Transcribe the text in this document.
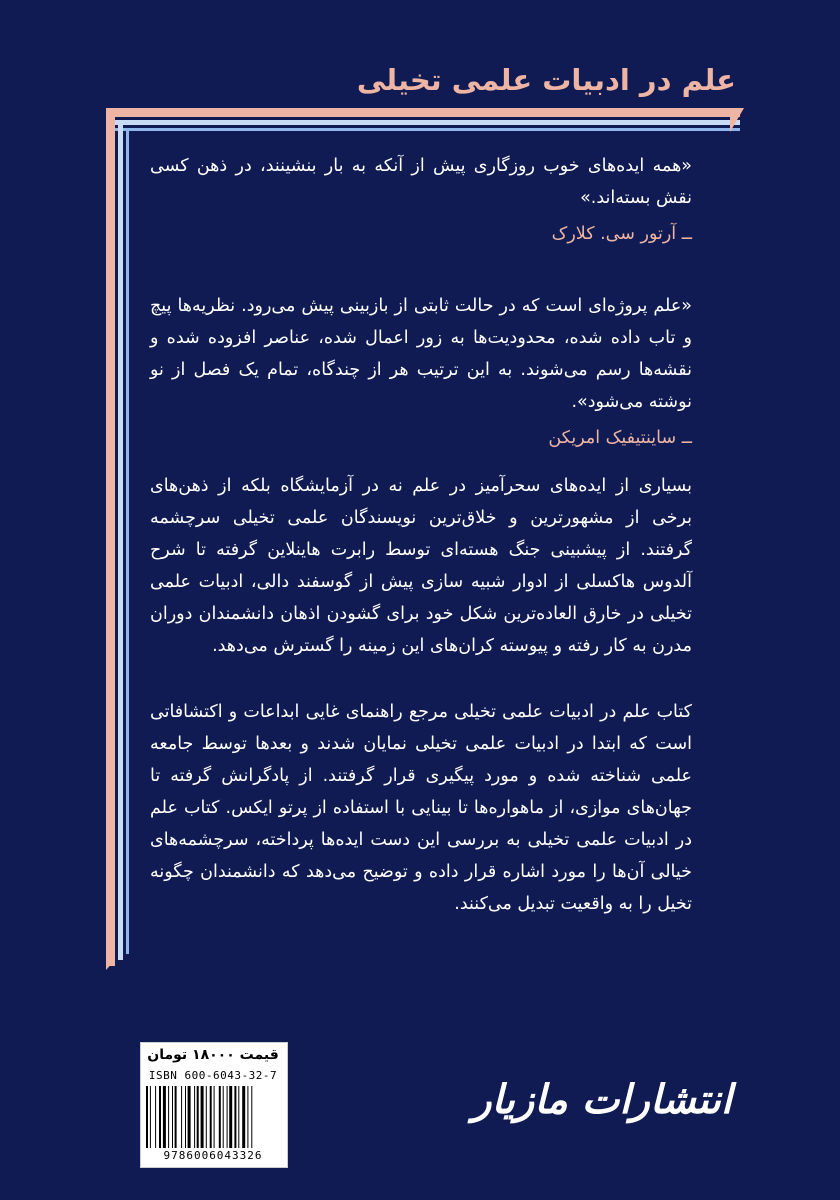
علم در ادبیات علمی تخیلی

«همه ایده‌های خوب روزگاری پیش از آنکه به بار بنشینند، در ذهن کسی نقش بسته‌اند.»

ــ آرتور سی. کلارک

«علم پروژه‌ای است که در حالت ثابتی از بازبینی پیش می‌رود. نظریه‌ها پیچ و تاب داده شده، محدودیت‌ها به زور اعمال شده، عناصر افزوده شده و نقشه‌ها رسم می‌شوند. به این ترتیب هر از چندگاه، تمام یک فصل از نو نوشته می‌شود».

ــ ساینتیفیک امریکن

بسیاری از ایده‌های سحرآمیز در علم نه در آزمایشگاه بلکه از ذهن‌های برخی از مشهورترین و خلاق‌ترین نویسندگان علمی تخیلی سرچشمه گرفتند. از پیشبینی جنگ هسته‌ای توسط رابرت هاینلاین گرفته تا شرح آلدوس هاکسلی از ادوار شبیه سازی پیش از گوسفند دالی، ادبیات علمی تخیلی در خارق العاده‌ترین شکل خود برای گشودن اذهان دانشمندان دوران مدرن به کار رفته و پیوسته کران‌های این زمینه را گسترش می‌دهد.

کتاب علم در ادبیات علمی تخیلی مرجع راهنمای غایی ابداعات و اکتشافاتی است که ابتدا در ادبیات علمی تخیلی نمایان شدند و بعدها توسط جامعه علمی شناخته شده و مورد پیگیری قرار گرفتند. از پادگرانش گرفته تا جهان‌های موازی، از ماهواره‌ها تا بینایی با استفاده از پرتو ایکس. کتاب علم در ادبیات علمی تخیلی به بررسی این دست ایده‌ها پرداخته، سرچشمه‌های خیالی آن‌ها را مورد اشاره قرار داده و توضیح می‌دهد که دانشمندان چگونه تخیل را به واقعیت تبدیل می‌کنند.

قیمت ۱۸۰۰۰ تومان
ISBN 600-6043-32-7
9786006043326
انتشارات مازیار
